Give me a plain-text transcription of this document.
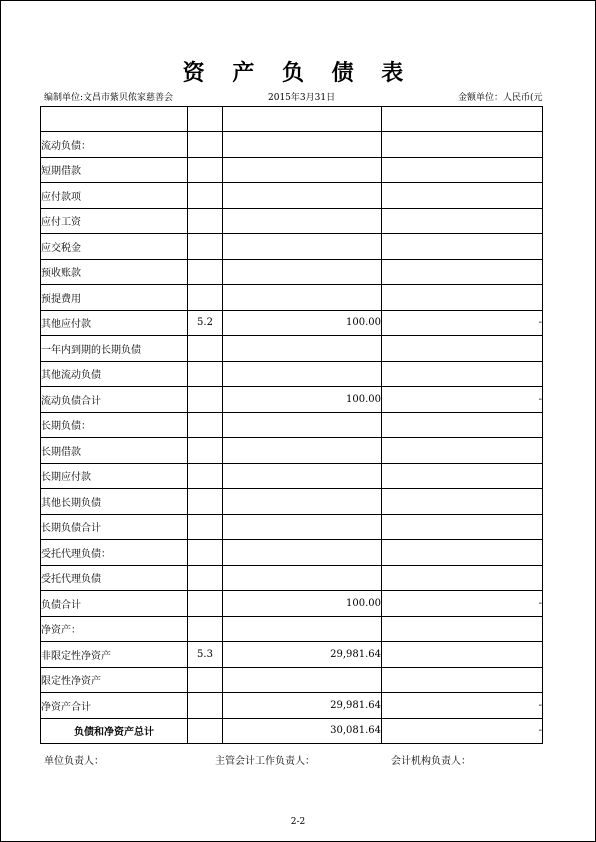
资 产 负 债 表
编制单位:文昌市紫贝侬家慈善会	2015年3月31日	金额单位：人民币(元

流动负债：			
短期借款			
应付款项			
应付工资			
应交税金			
预收账款			
预提费用			
其他应付款	5.2	100.00	-
一年内到期的长期负债			
其他流动负债			
流动负债合计		100.00	-
长期负债：			
长期借款			
长期应付款			
其他长期负债			
长期负债合计			
受托代理负债：			
受托代理负债			
负债合计		100.00	-
净资产：			
非限定性净资产	5.3	29,981.64	
限定性净资产			
净资产合计		29,981.64	-
负债和净资产总计		30,081.64	-
单位负责人：	主管会计工作负责人：	会计机构负责人：
2-2
